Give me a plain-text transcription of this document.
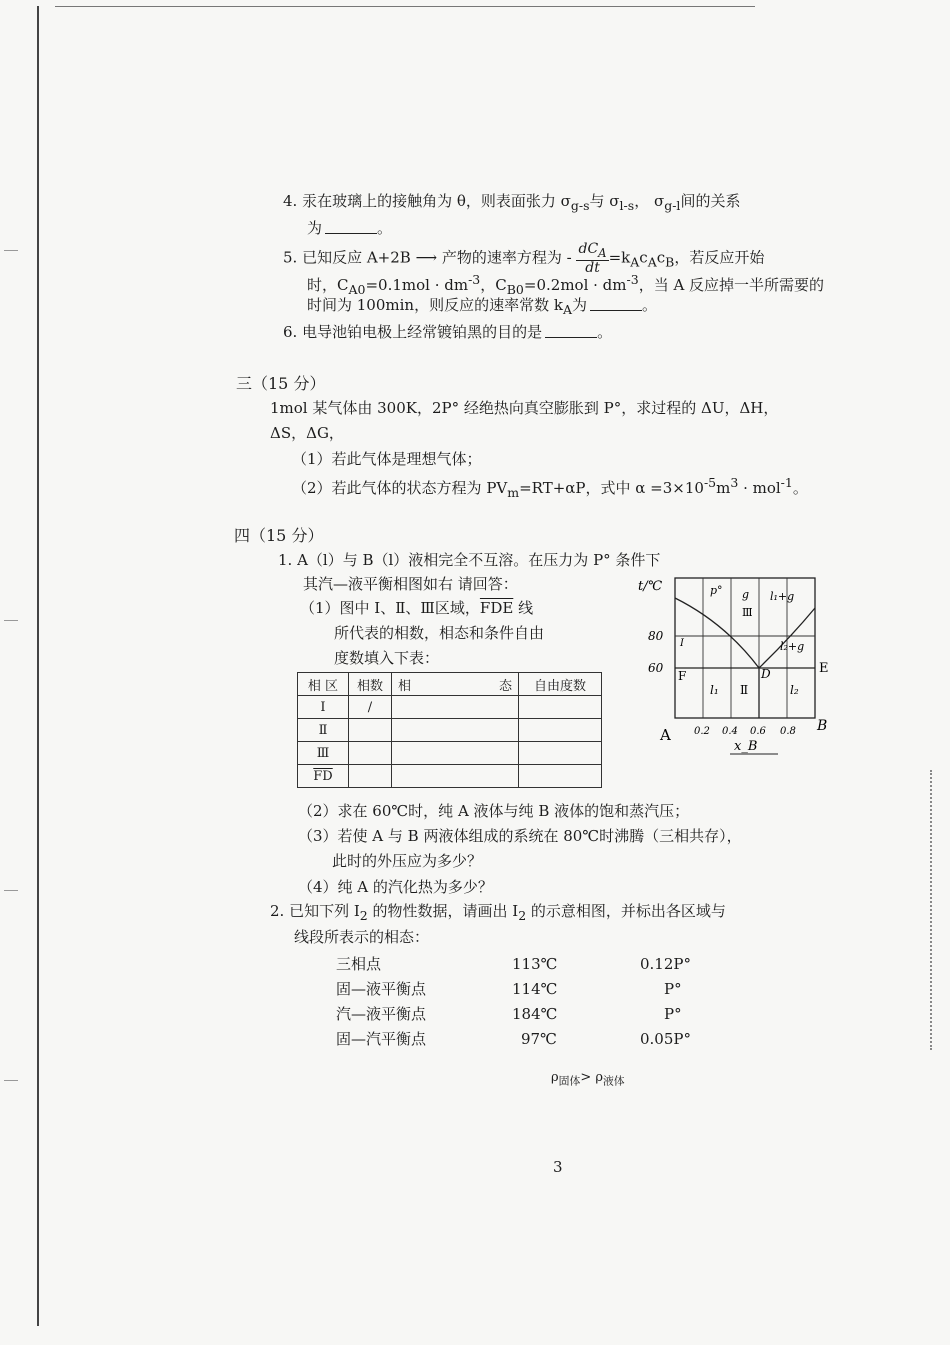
4. 汞在玻璃上的接触角为 θ，则表面张力 $\sigma_{g-s}$与 $\sigma_{l-s}$， $\sigma_{g-l}$间的关系
为	。
5. 已知反应 A+2B ⟶ 产物的速率方程为 - $\frac{dC_A}{dt} =k_Ac_Ac_B$，若反应开始
时，$C_{A0}=0.1mol \cdot dm^{-3}$，$C_{B0}=0.2mol \cdot dm^{-3}$，当 A 反应掉一半所需要的
时间为 100min，则反应的速率常数 $k_A$为	。
6. 电导池铂电极上经常镀铂黑的目的是	。
三（15 分）
1mol 某气体由 300K，2P° 经绝热向真空膨胀到 P°，求过程的 ΔU，ΔH，
ΔS，ΔG，
（1）若此气体是理想气体；
（2）若此气体的状态方程为 $PV_m=RT+\alpha P$，式中 $\alpha =3\times 10^{-5}m^3 \cdot mol^{-1}$。
四（15 分）
1. A（l）与 B（l）液相完全不互溶。在压力为 P° 条件下
其汽—液平衡相图如右 请回答：
（1）图中 Ⅰ、Ⅱ、Ⅲ区域，$\overline{FDE}$ 线
所代表的相数，相态和条件自由
度数填入下表：
相 区	相数	相 态	自由度数
Ⅰ	/		
Ⅱ			
Ⅲ			
$\overline{FD}$			
t/℃
80
60
0.2 0.4 0.6 0.8
A	B
x_B
p° g
Ⅲ
l₁+g
Ⅰ	l₂+g
F	D	E
l₁ Ⅱ	l₂
（2）求在 60℃时，纯 A 液体与纯 B 液体的饱和蒸汽压；
（3）若使 A 与 B 两液体组成的系统在 80℃时沸腾（三相共存），
此时的外压应为多少？
（4）纯 A 的汽化热为多少？
2. 已知下列 $I_2$ 的物性数据，请画出 $I_2$ 的示意相图，并标出各区域与
线段所表示的相态：
三相点	113℃	0.12P°
固—液平衡点	114℃	P°
汽—液平衡点	184℃	P°
固—汽平衡点	97℃	0.05P°
$\rho_{固体}> \rho_{液体}$
3
